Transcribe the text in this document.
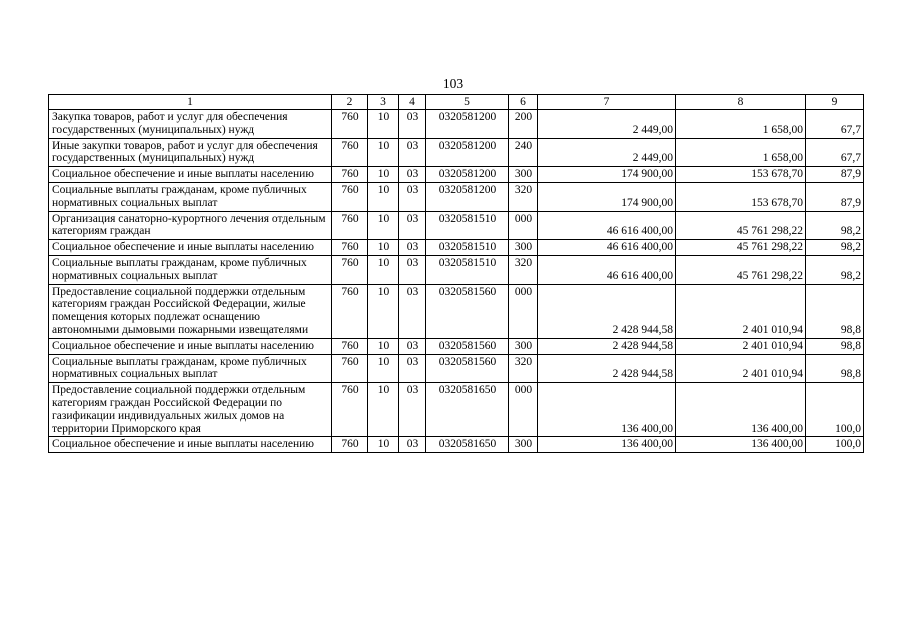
103
1	2	3	4	5	6	7	8	9
Закупка товаров, работ и услуг для обеспечения государственных (муниципальных) нужд	760	10	03	0320581200	200	2 449,00	1 658,00	67,7
Иные закупки товаров, работ и услуг для обеспечения государственных (муниципальных) нужд	760	10	03	0320581200	240	2 449,00	1 658,00	67,7
Социальное обеспечение и иные выплаты населению	760	10	03	0320581200	300	174 900,00	153 678,70	87,9
Социальные выплаты гражданам, кроме публичных нормативных социальных выплат	760	10	03	0320581200	320	174 900,00	153 678,70	87,9
Организация санаторно-курортного лечения отдельным категориям граждан	760	10	03	0320581510	000	46 616 400,00	45 761 298,22	98,2
Социальное обеспечение и иные выплаты населению	760	10	03	0320581510	300	46 616 400,00	45 761 298,22	98,2
Социальные выплаты гражданам, кроме публичных нормативных социальных выплат	760	10	03	0320581510	320	46 616 400,00	45 761 298,22	98,2
Предоставление социальной поддержки отдельным категориям граждан Российской Федерации, жилые помещения которых подлежат оснащению автономными дымовыми пожарными извещателями	760	10	03	0320581560	000	2 428 944,58	2 401 010,94	98,8
Социальное обеспечение и иные выплаты населению	760	10	03	0320581560	300	2 428 944,58	2 401 010,94	98,8
Социальные выплаты гражданам, кроме публичных нормативных социальных выплат	760	10	03	0320581560	320	2 428 944,58	2 401 010,94	98,8
Предоставление социальной поддержки отдельным категориям граждан Российской Федерации по газификации индивидуальных жилых домов на территории Приморского края	760	10	03	0320581650	000	136 400,00	136 400,00	100,0
Социальное обеспечение и иные выплаты населению	760	10	03	0320581650	300	136 400,00	136 400,00	100,0
